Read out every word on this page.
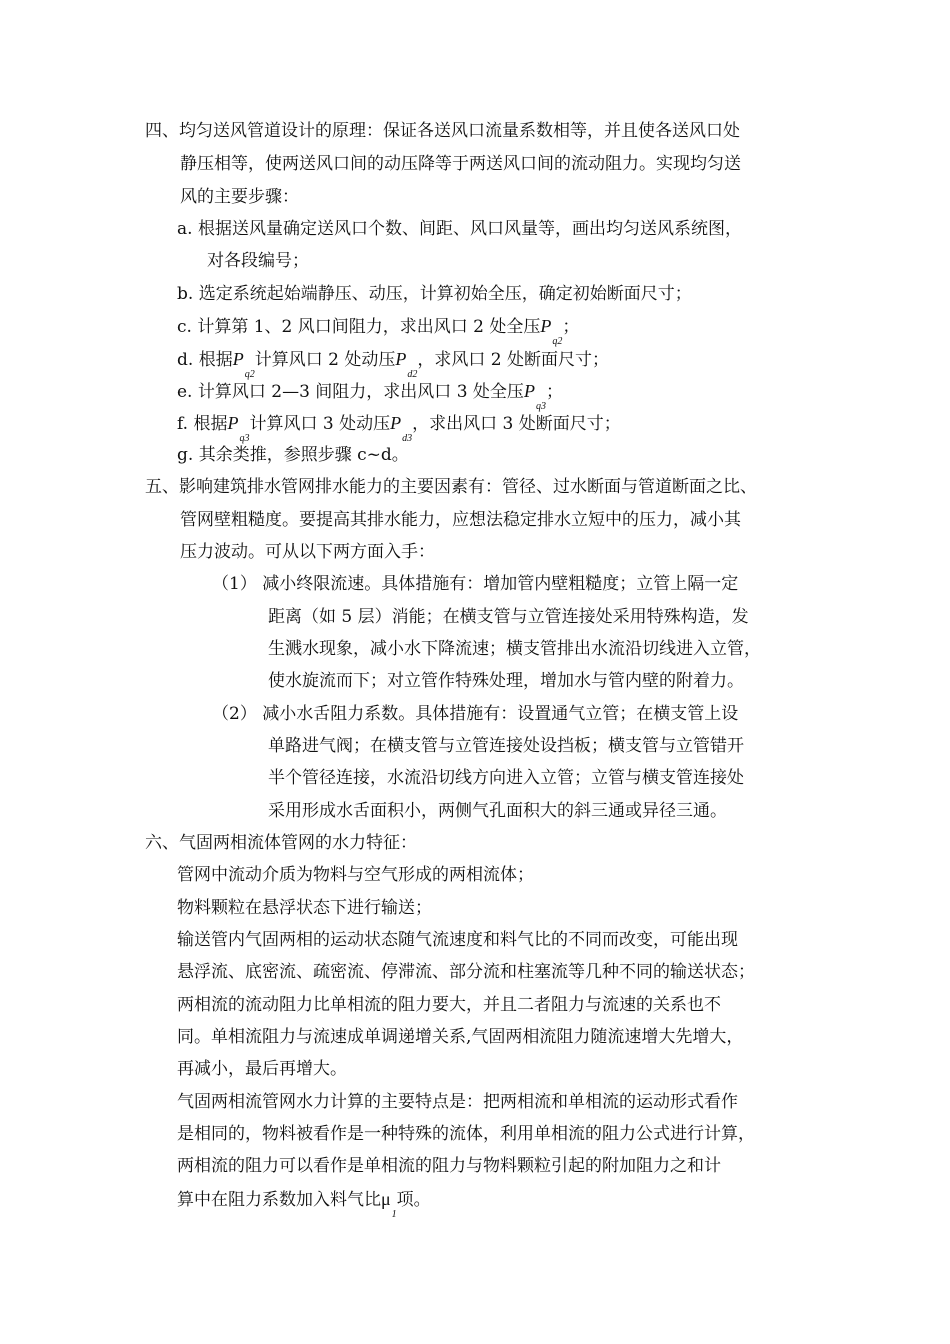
四、均匀送风管道设计的原理：保证各送风口流量系数相等，并且使各送风口处
静压相等，使两送风口间的动压降等于两送风口间的流动阻力。实现均匀送
风的主要步骤：
a. 根据送风量确定送风口个数、间距、风口风量等，画出均匀送风系统图，
对各段编号；
b. 选定系统起始端静压、动压，计算初始全压，确定初始断面尺寸；
c. 计算第 1、2 风口间阻力，求出风口 2 处全压$P_{q2}$；
d. 根据$P_{q2}$计算风口 2 处动压$P_{d2}$，求风口 2 处断面尺寸；
e. 计算风口 2—3 间阻力，求出风口 3 处全压$P_{q3}$；
f. 根据$P_{q3}$计算风口 3 处动压$P_{d3}$，求出风口 3 处断面尺寸；
g. 其余类推，参照步骤 c~d。
五、影响建筑排水管网排水能力的主要因素有：管径、过水断面与管道断面之比、
管网壁粗糙度。要提高其排水能力，应想法稳定排水立短中的压力，减小其
压力波动。可从以下两方面入手：
（1） 减小终限流速。具体措施有：增加管内壁粗糙度；立管上隔一定
距离（如 5 层）消能；在横支管与立管连接处采用特殊构造，发
生溅水现象，减小水下降流速；横支管排出水流沿切线进入立管，
使水旋流而下；对立管作特殊处理，增加水与管内壁的附着力。
（2） 减小水舌阻力系数。具体措施有：设置通气立管；在横支管上设
单路进气阀；在横支管与立管连接处设挡板；横支管与立管错开
半个管径连接，水流沿切线方向进入立管；立管与横支管连接处
采用形成水舌面积小，两侧气孔面积大的斜三通或异径三通。
六、气固两相流体管网的水力特征：
管网中流动介质为物料与空气形成的两相流体；
物料颗粒在悬浮状态下进行输送；
输送管内气固两相的运动状态随气流速度和料气比的不同而改变，可能出现
悬浮流、底密流、疏密流、停滞流、部分流和柱塞流等几种不同的输送状态；
两相流的流动阻力比单相流的阻力要大，并且二者阻力与流速的关系也不
同。单相流阻力与流速成单调递增关系,气固两相流阻力随流速增大先增大，
再减小，最后再增大。
气固两相流管网水力计算的主要特点是：把两相流和单相流的运动形式看作
是相同的，物料被看作是一种特殊的流体，利用单相流的阻力公式进行计算，
两相流的阻力可以看作是单相流的阻力与物料颗粒引起的附加阻力之和计
算中在阻力系数加入料气比$\mu_1$项。
